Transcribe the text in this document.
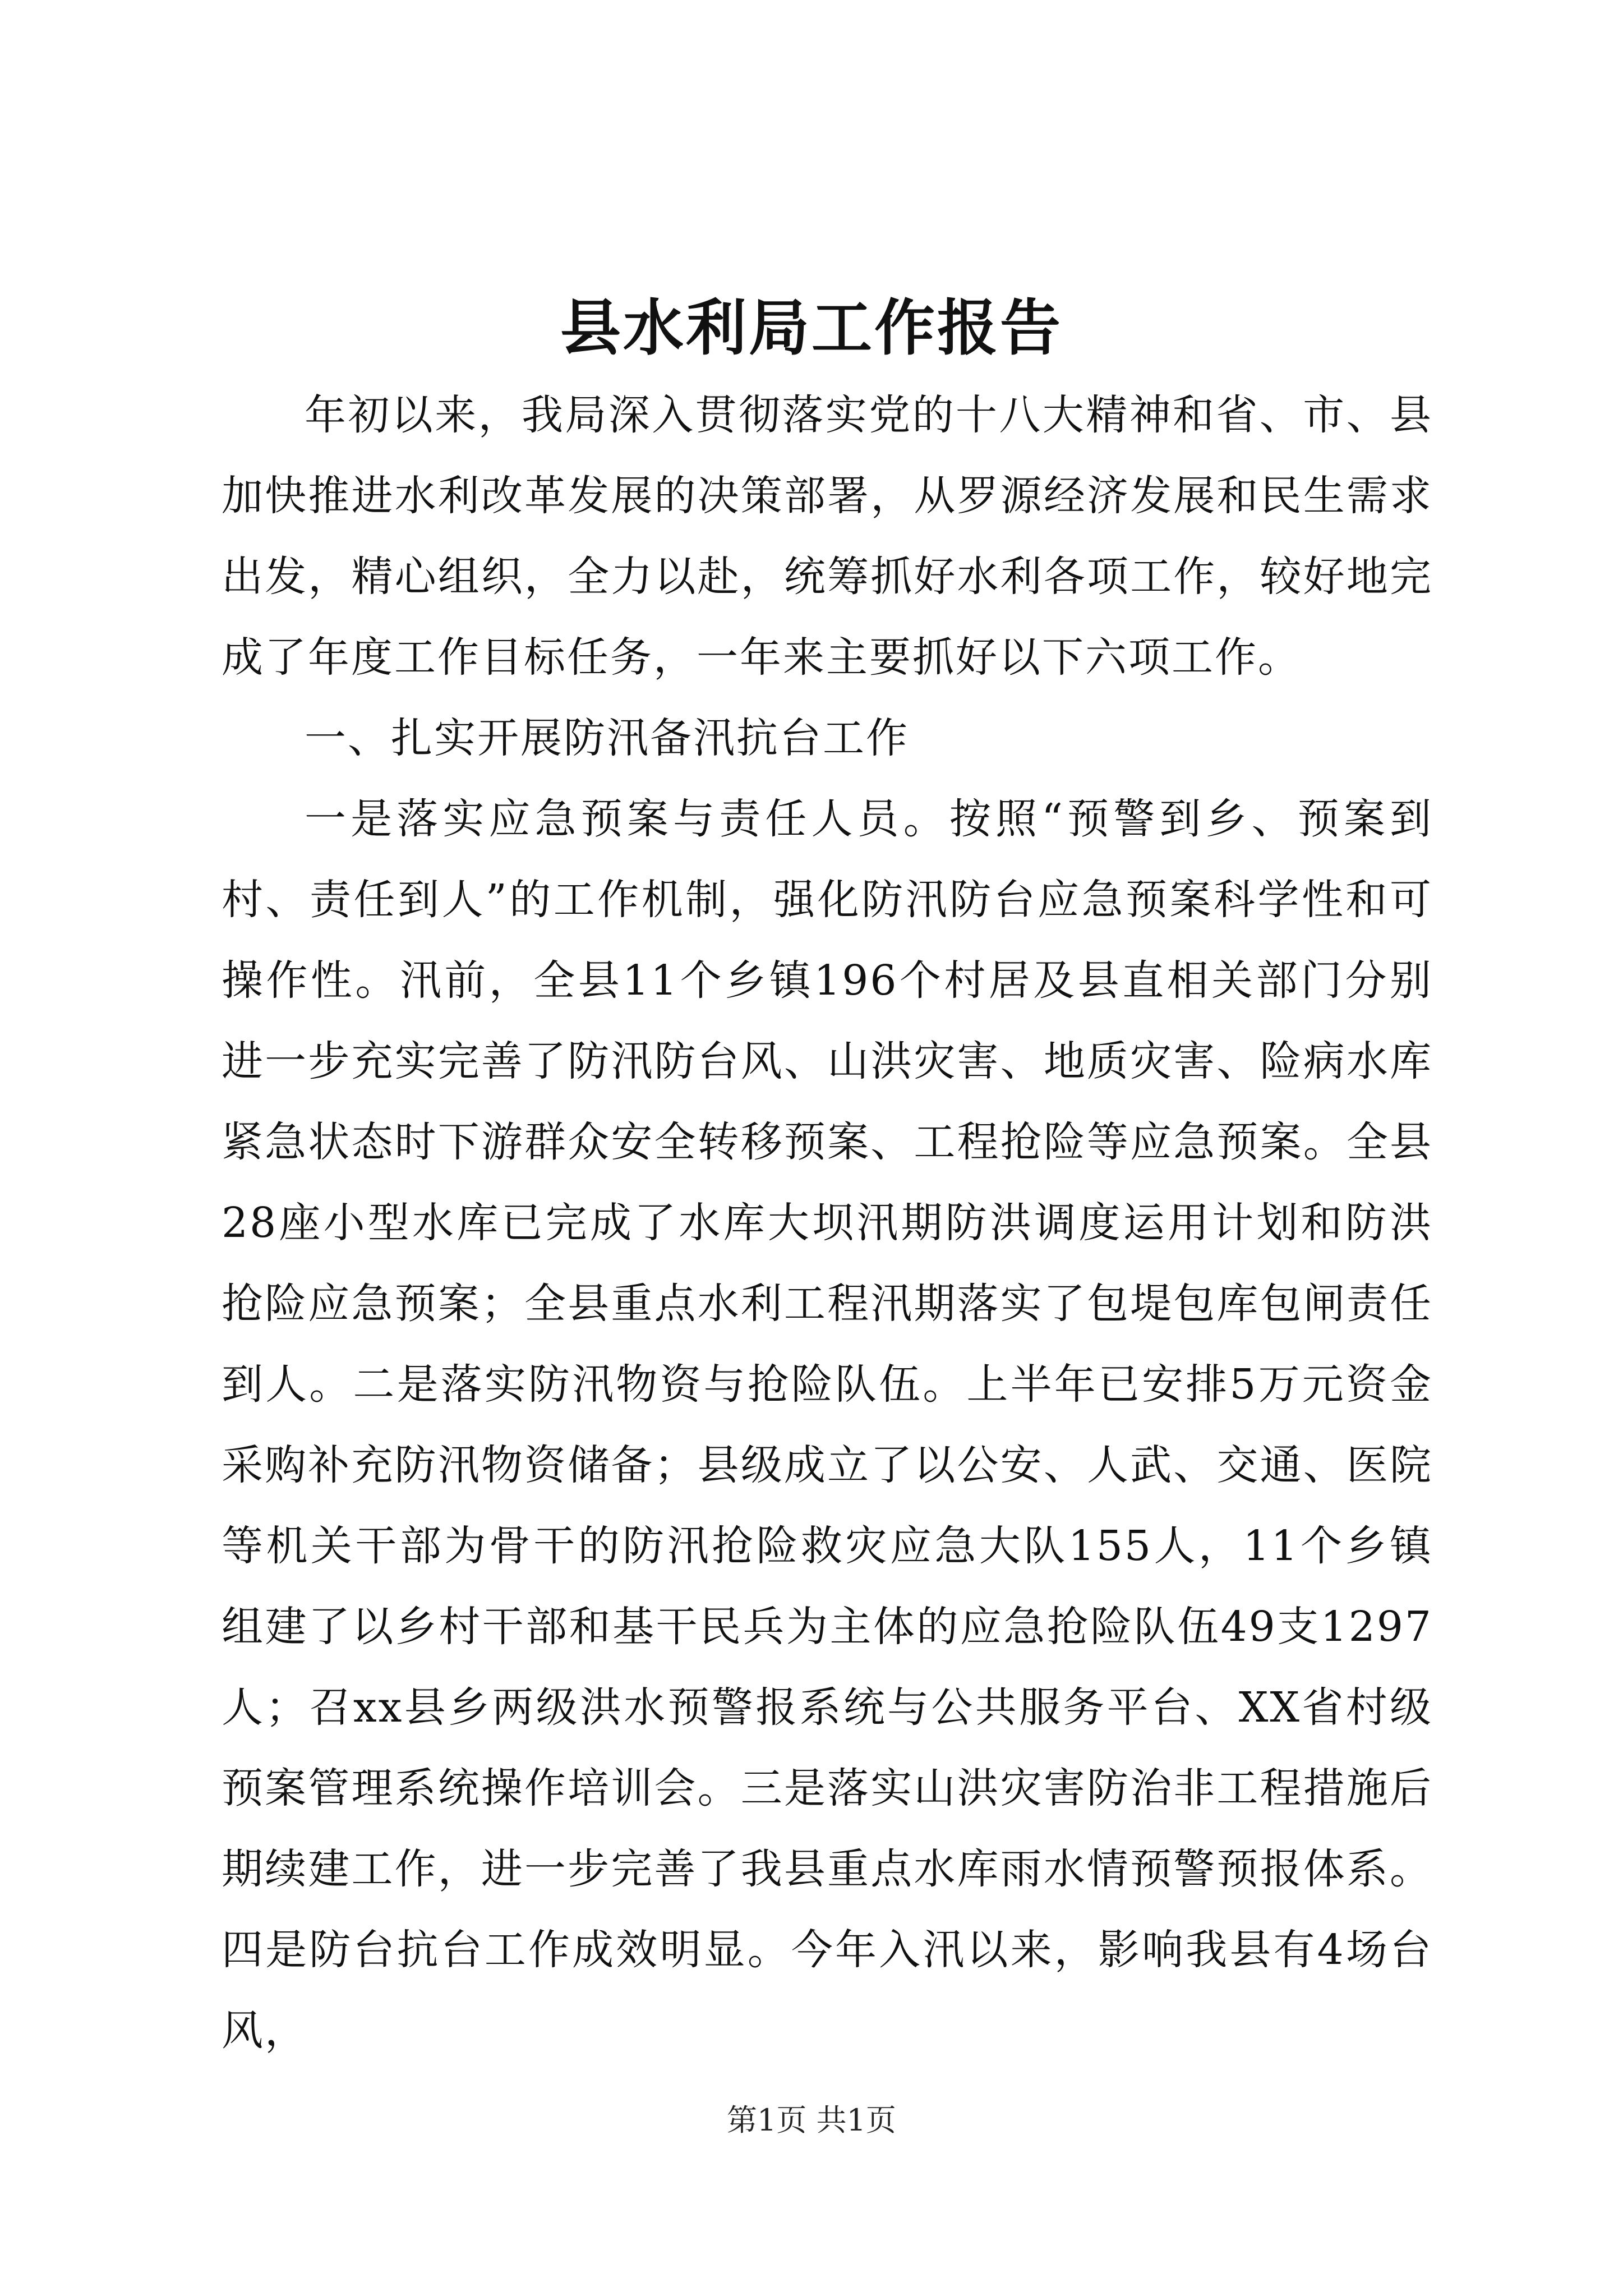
县水利局工作报告

年初以来，我局深入贯彻落实党的十八大精神和省、市、县加快推进水利改革发展的决策部署，从罗源经济发展和民生需求出发，精心组织，全力以赴，统筹抓好水利各项工作，较好地完成了年度工作目标任务，一年来主要抓好以下六项工作。

一、扎实开展防汛备汛抗台工作

一是落实应急预案与责任人员。按照“预警到乡、预案到村、责任到人”的工作机制，强化防汛防台应急预案科学性和可操作性。汛前，全县11个乡镇196个村居及县直相关部门分别进一步充实完善了防汛防台风、山洪灾害、地质灾害、险病水库紧急状态时下游群众安全转移预案、工程抢险等应急预案。全县28座小型水库已完成了水库大坝汛期防洪调度运用计划和防洪抢险应急预案；全县重点水利工程汛期落实了包堤包库包闸责任到人。二是落实防汛物资与抢险队伍。上半年已安排5万元资金采购补充防汛物资储备；县级成立了以公安、人武、交通、医院等机关干部为骨干的防汛抢险救灾应急大队155人，11个乡镇组建了以乡村干部和基干民兵为主体的应急抢险队伍49支1297人；召xx县乡两级洪水预警报系统与公共服务平台、XX省村级预案管理系统操作培训会。三是落实山洪灾害防治非工程措施后期续建工作，进一步完善了我县重点水库雨水情预警预报体系。四是防台抗台工作成效明显。今年入汛以来，影响我县有4场台风，

第1页 共1页
